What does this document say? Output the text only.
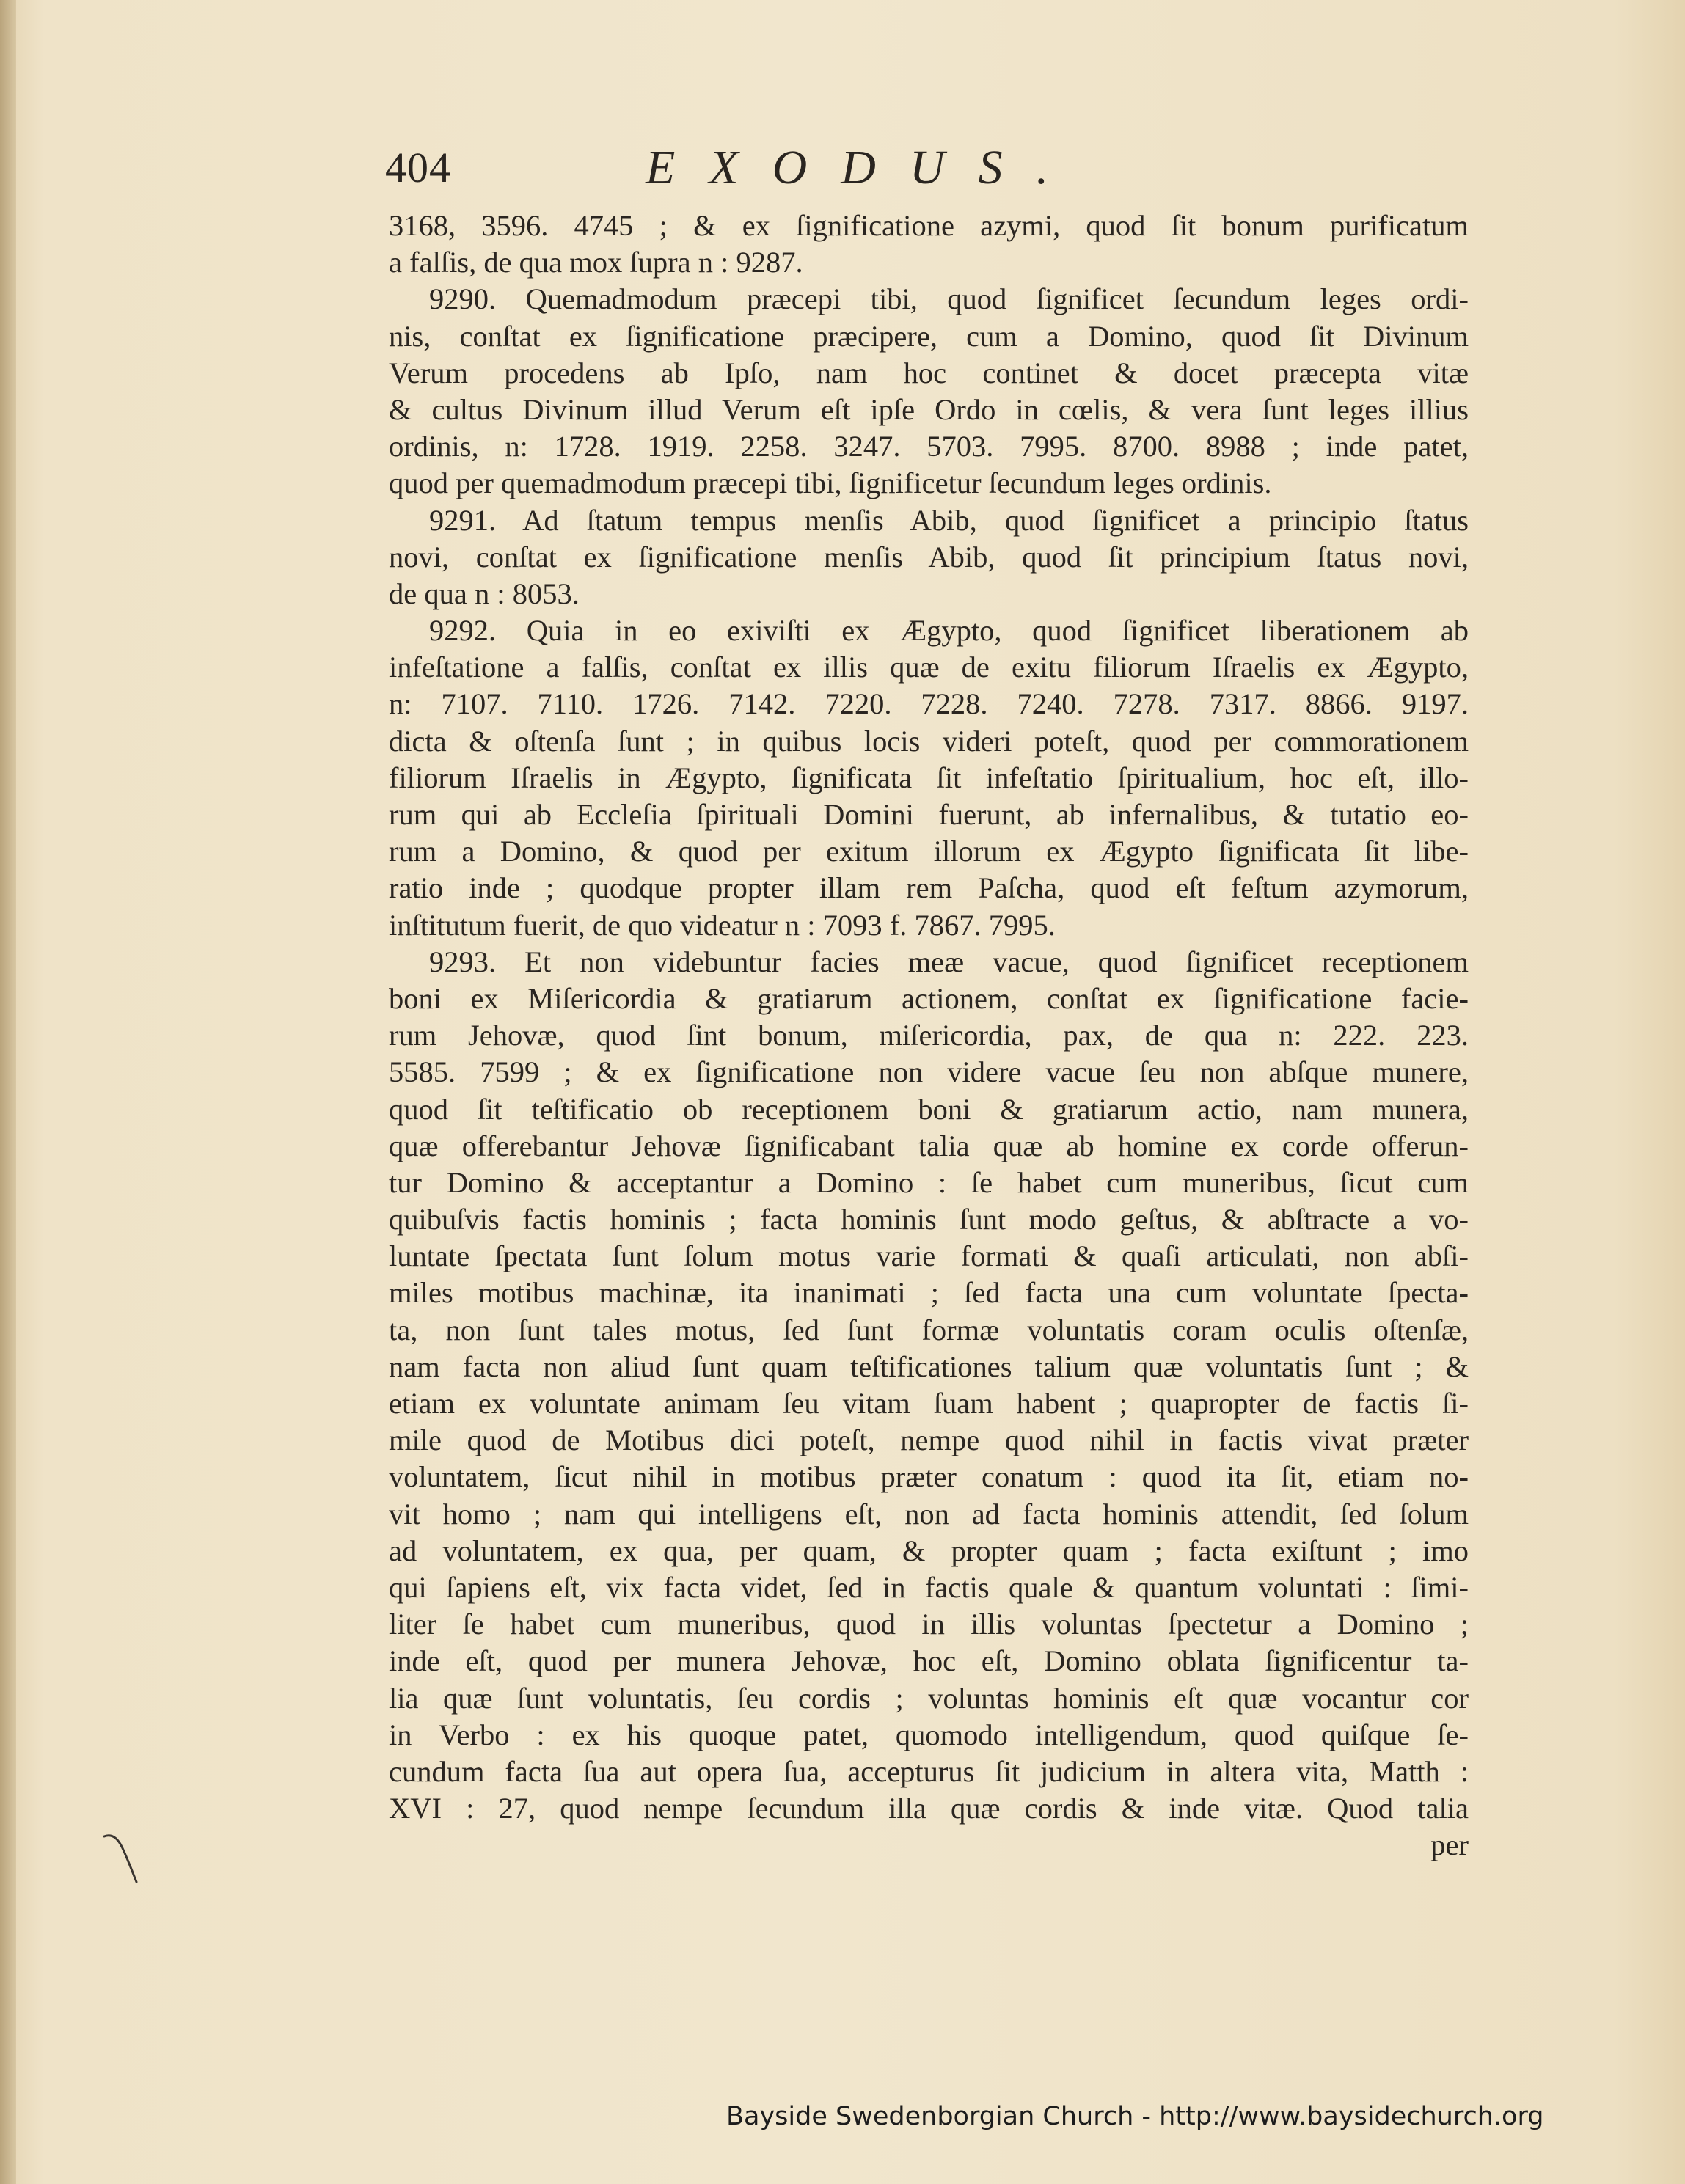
404	EXODUS.
3168, 3596. 4745 ; & ex ſignificatione azymi, quod ſit bonum purificatum
a falſis, de qua mox ſupra n : 9287.
9290. Quemadmodum præcepi tibi, quod ſignificet ſecundum leges ordi-
nis, conſtat ex ſignificatione præcipere, cum a Domino, quod ſit Divinum
Verum procedens ab Ipſo, nam hoc continet & docet præcepta vitæ
& cultus Divinum illud Verum eſt ipſe Ordo in cœlis, & vera ſunt leges illius
ordinis, n: 1728. 1919. 2258. 3247. 5703. 7995. 8700. 8988 ; inde patet,
quod per quemadmodum præcepi tibi, ſignificetur ſecundum leges ordinis.
9291. Ad ſtatum tempus menſis Abib, quod ſignificet a principio ſtatus
novi, conſtat ex ſignificatione menſis Abib, quod ſit principium ſtatus novi,
de qua n : 8053.
9292. Quia in eo exiviſti ex Ægypto, quod ſignificet liberationem ab
infeſtatione a falſis, conſtat ex illis quæ de exitu filiorum Iſraelis ex Ægypto,
n: 7107. 7110. 1726. 7142. 7220. 7228. 7240. 7278. 7317. 8866. 9197.
dicta & oſtenſa ſunt ; in quibus locis videri poteſt, quod per commorationem
filiorum Iſraelis in Ægypto, ſignificata ſit infeſtatio ſpiritualium, hoc eſt, illo-
rum qui ab Eccleſia ſpirituali Domini fuerunt, ab infernalibus, & tutatio eo-
rum a Domino, & quod per exitum illorum ex Ægypto ſignificata ſit libe-
ratio inde ; quodque propter illam rem Paſcha, quod eſt feſtum azymorum,
inſtitutum fuerit, de quo videatur n : 7093 f. 7867. 7995.
9293. Et non videbuntur facies meæ vacue, quod ſignificet receptionem
boni ex Miſericordia & gratiarum actionem, conſtat ex ſignificatione facie-
rum Jehovæ, quod ſint bonum, miſericordia, pax, de qua n: 222. 223.
5585. 7599 ; & ex ſignificatione non videre vacue ſeu non abſque munere,
quod ſit teſtificatio ob receptionem boni & gratiarum actio, nam munera,
quæ offerebantur Jehovæ ſignificabant talia quæ ab homine ex corde offerun-
tur Domino & acceptantur a Domino : ſe habet cum muneribus, ſicut cum
quibuſvis factis hominis ; facta hominis ſunt modo geſtus, & abſtracte a vo-
luntate ſpectata ſunt ſolum motus varie formati & quaſi articulati, non abſi-
miles motibus machinæ, ita inanimati ; ſed facta una cum voluntate ſpecta-
ta, non ſunt tales motus, ſed ſunt formæ voluntatis coram oculis oſtenſæ,
nam facta non aliud ſunt quam teſtificationes talium quæ voluntatis ſunt ; &
etiam ex voluntate animam ſeu vitam ſuam habent ; quapropter de factis ſi-
mile quod de Motibus dici poteſt, nempe quod nihil in factis vivat præter
voluntatem, ſicut nihil in motibus præter conatum : quod ita ſit, etiam no-
vit homo ; nam qui intelligens eſt, non ad facta hominis attendit, ſed ſolum
ad voluntatem, ex qua, per quam, & propter quam ; facta exiſtunt ; imo
qui ſapiens eſt, vix facta videt, ſed in factis quale & quantum voluntati : ſimi-
liter ſe habet cum muneribus, quod in illis voluntas ſpectetur a Domino ;
inde eſt, quod per munera Jehovæ, hoc eſt, Domino oblata ſignificentur ta-
lia quæ ſunt voluntatis, ſeu cordis ; voluntas hominis eſt quæ vocantur cor
in Verbo : ex his quoque patet, quomodo intelligendum, quod quiſque ſe-
cundum facta ſua aut opera ſua, accepturus ſit judicium in altera vita, Matth :
XVI : 27, quod nempe ſecundum illa quæ cordis & inde vitæ. Quod talia
per
Bayside Swedenborgian Church - http://www.baysidechurch.org
